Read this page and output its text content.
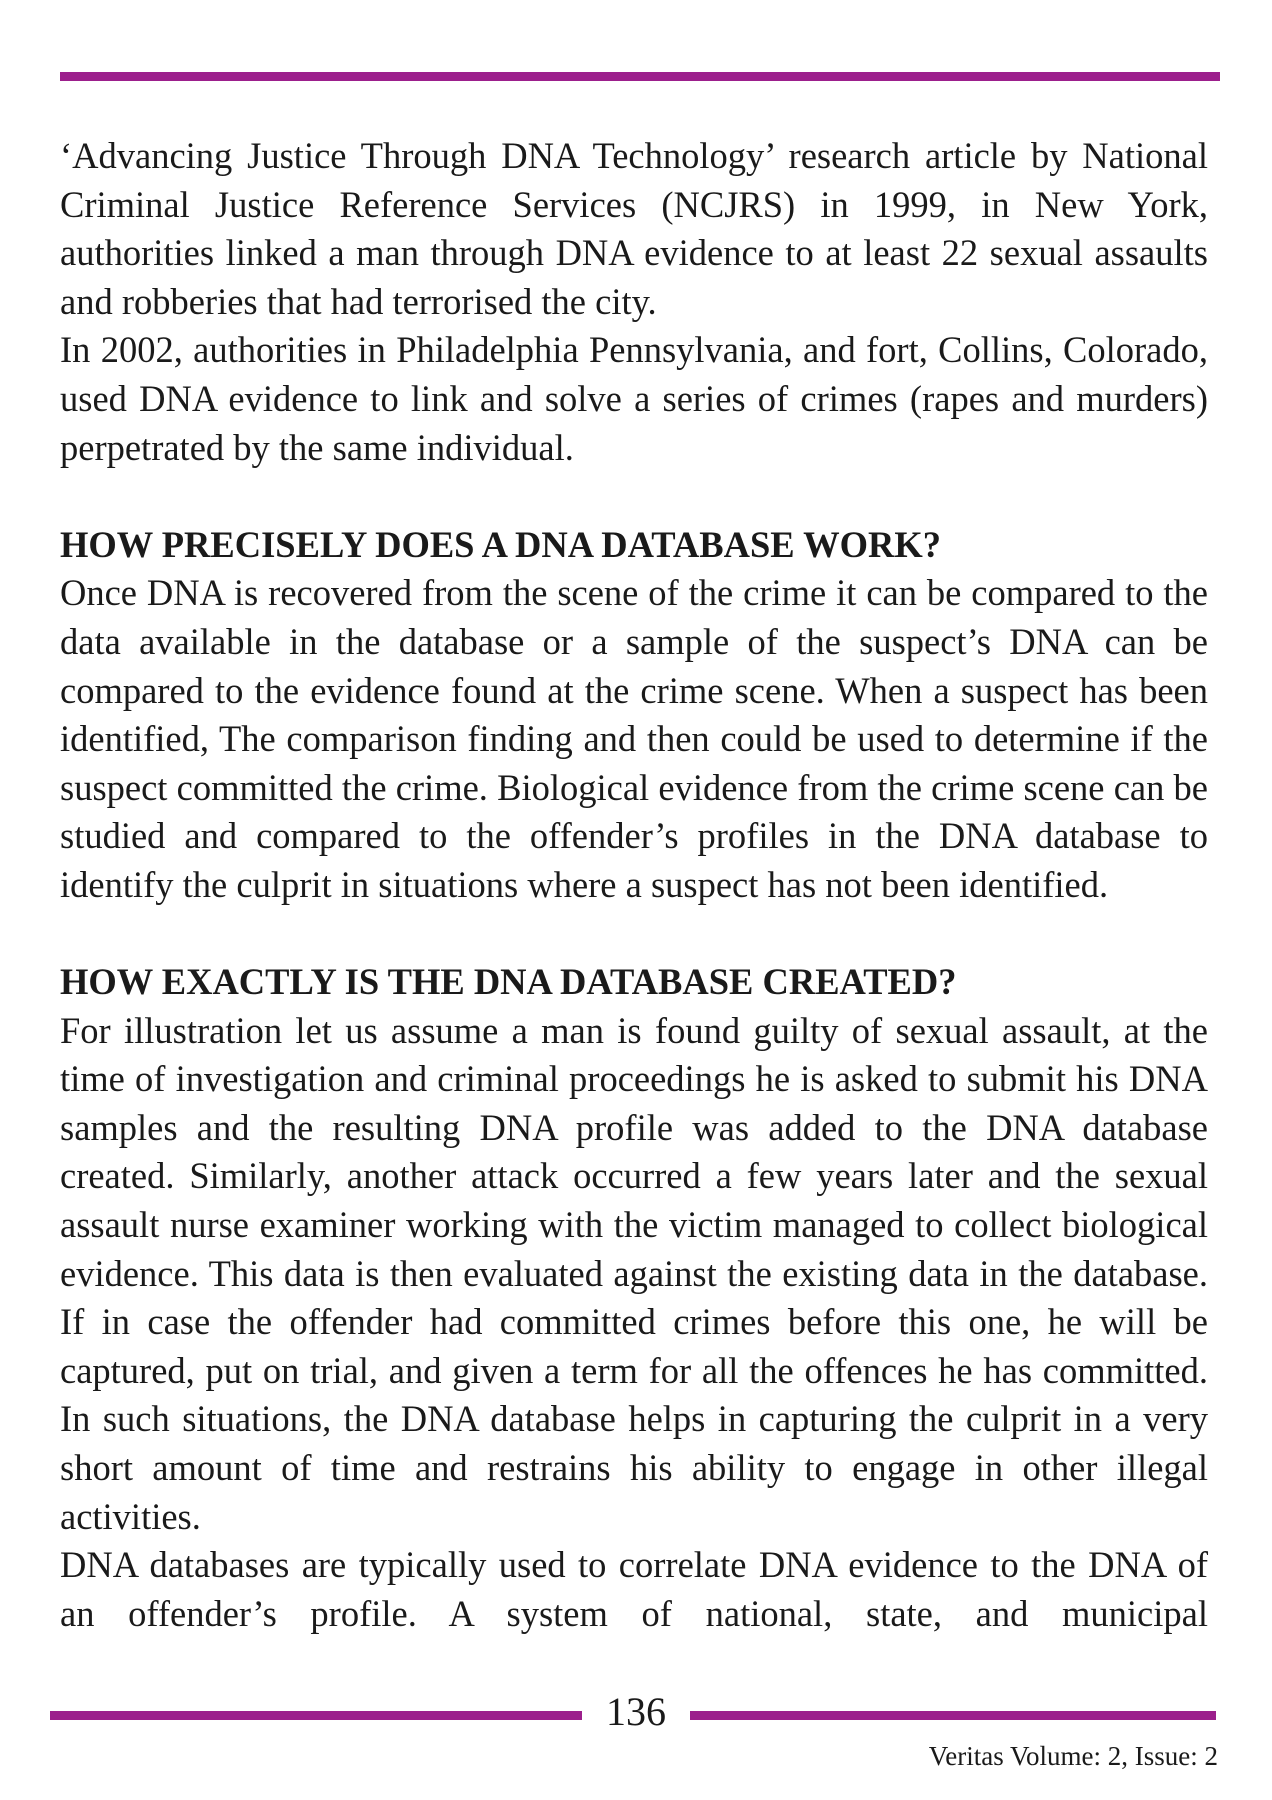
‘Advancing Justice Through DNA Technology’ research article by National Criminal Justice Reference Services (NCJRS) in 1999, in New York, authorities linked a man through DNA evidence to at least 22 sexual assaults and robberies that had terrorised the city.

In 2002, authorities in Philadelphia Pennsylvania, and fort, Collins, Colorado, used DNA evidence to link and solve a series of crimes (rapes and murders) perpetrated by the same individual.

HOW PRECISELY DOES A DNA DATABASE WORK?

Once DNA is recovered from the scene of the crime it can be compared to the data available in the database or a sample of the suspect’s DNA can be compared to the evidence found at the crime scene. When a suspect has been identified, The comparison finding and then could be used to determine if the suspect committed the crime. Biological evidence from the crime scene can be studied and compared to the offender’s profiles in the DNA database to identify the culprit in situations where a suspect has not been identified.

HOW EXACTLY IS THE DNA DATABASE CREATED?

For illustration let us assume a man is found guilty of sexual assault, at the time of investigation and criminal proceedings he is asked to submit his DNA samples and the resulting DNA profile was added to the DNA database created. Similarly, another attack occurred a few years later and the sexual assault nurse examiner working with the victim managed to collect biological evidence. This data is then evaluated against the existing data in the database. If in case the offender had committed crimes before this one, he will be captured, put on trial, and given a term for all the offences he has committed. In such situations, the DNA database helps in capturing the culprit in a very short amount of time and restrains his ability to engage in other illegal activities.

DNA databases are typically used to correlate DNA evidence to the DNA of an offender’s profile. A system of national, state, and municipal

136
Veritas Volume: 2, Issue: 2
